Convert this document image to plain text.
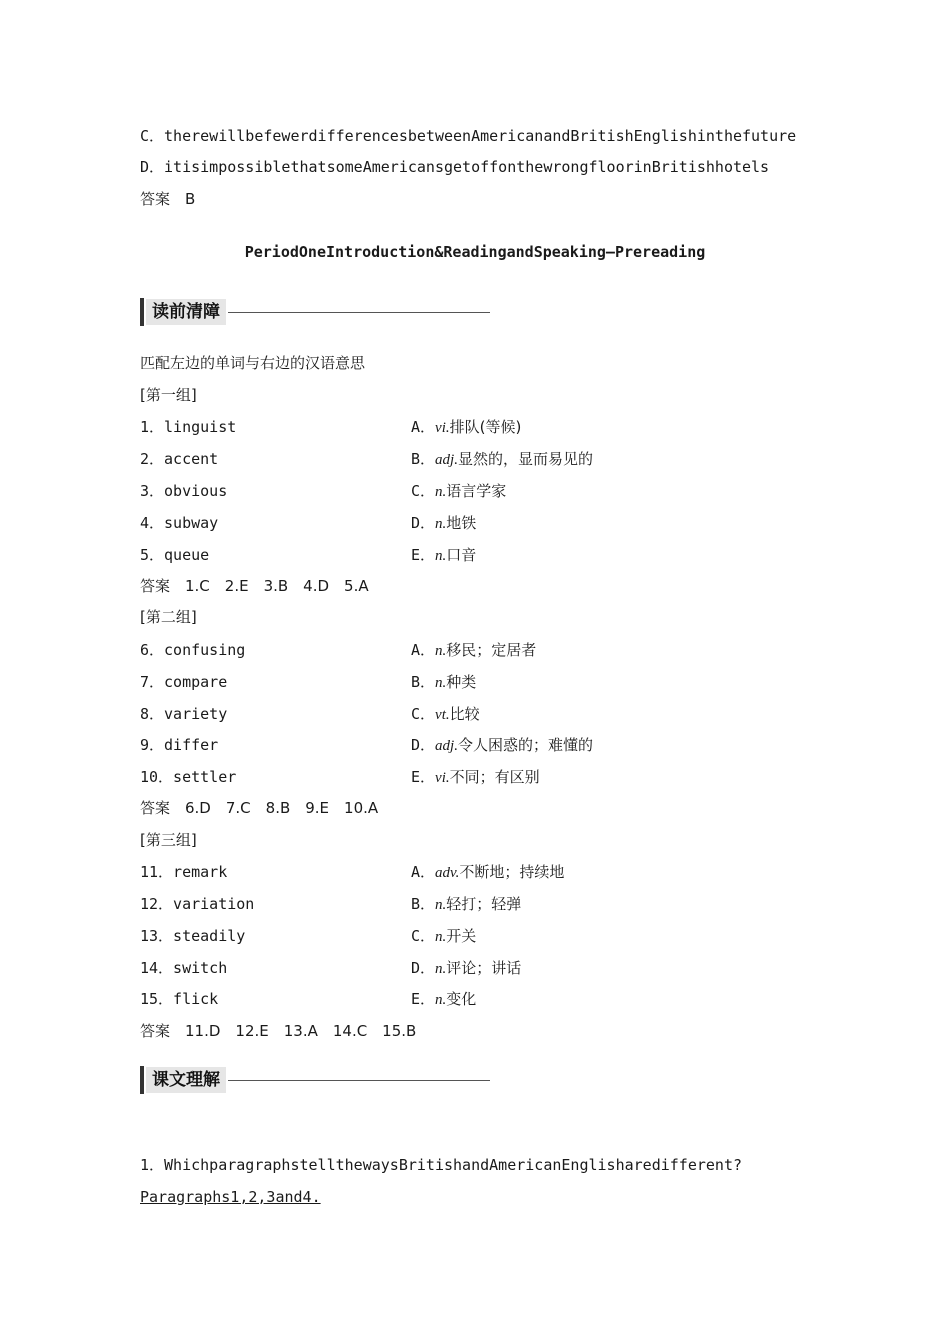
C．therewillbefewerdifferencesbetweenAmericanandBritishEnglishinthefuture
D．itisimpossiblethatsomeAmericansgetoffonthewrongfloorinBritishhotels
答案　B
PeriodOneIntroduction&ReadingandSpeaking—Prereading
读前清障
匹配左边的单词与右边的汉语意思
[第一组]
1．linguist	A．vi.排队(等候)
2．accent	B．adj.显然的，显而易见的
3．obvious	C．n.语言学家
4．subway	D．n.地铁
5．queue	E．n.口音
答案　1.C　2.E　3.B　4.D　5.A
[第二组]
6．confusing	A．n.移民；定居者
7．compare	B．n.种类
8．variety	C．vt.比较
9．differ	D．adj.令人困惑的；难懂的
10．settler	E．vi.不同；有区别
答案　6.D　7.C　8.B　9.E　10.A
[第三组]
11．remark	A．adv.不断地；持续地
12．variation	B．n.轻打；轻弹
13．steadily	C．n.开关
14．switch	D．n.评论；讲话
15．flick	E．n.变化
答案　11.D　12.E　13.A　14.C　15.B
课文理解
1．WhichparagraphstellthewaysBritishandAmericanEnglisharedifferent?
Paragraphs1,2,3and4.
